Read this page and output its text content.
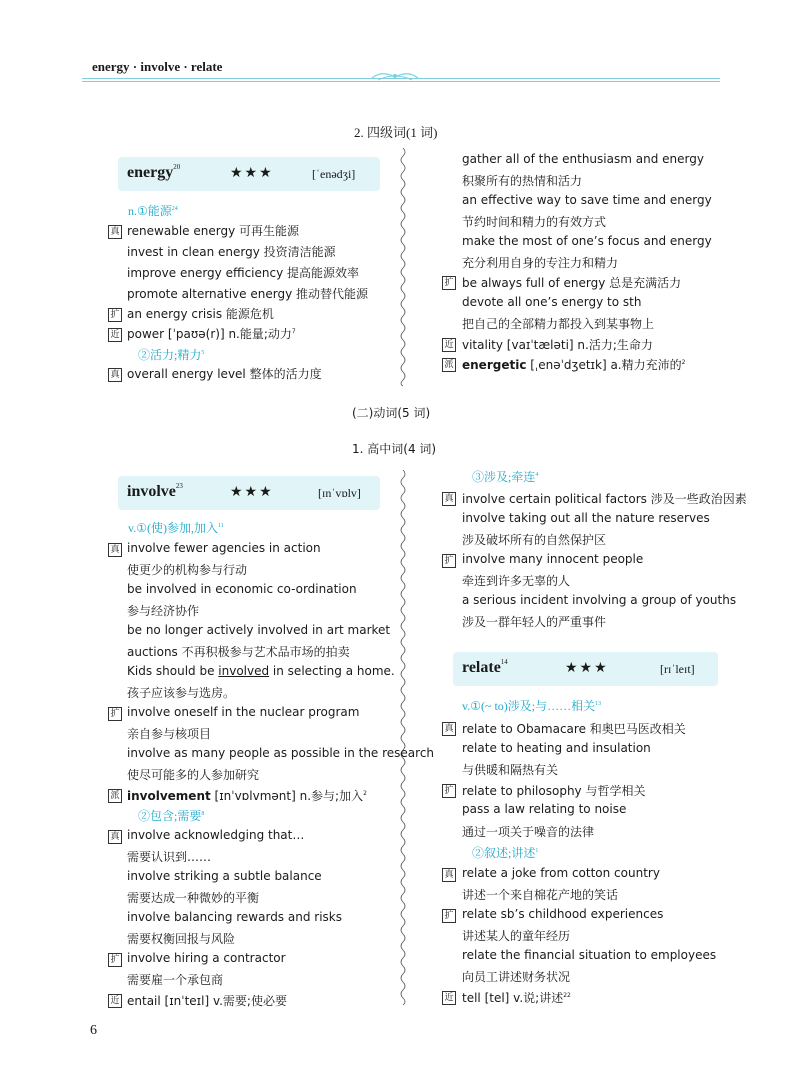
energy · involve · relate
2. 四级词(1 词)
energy$^{20}$	★★★	[ˈenədʒi]
n.①能源$^{24}$
真 renewable energy 可再生能源
invest in clean energy 投资清洁能源
improve energy efficiency 提高能源效率
promote alternative energy 推动替代能源
扩 an energy crisis 能源危机
近 power [ˈpaʊə(r)] n.能量;动力$^7$
②活力;精力$^5$
真 overall energy level 整体的活力度
gather all of the enthusiasm and energy
积聚所有的热情和活力
an effective way to save time and energy
节约时间和精力的有效方式
make the most of one’s focus and energy
充分利用自身的专注力和精力
扩 be always full of energy 总是充满活力
devote all one’s energy to sth
把自己的全部精力都投入到某事物上
近 vitality [vaɪˈtæləti] n.活力;生命力
派 energetic [ˌenəˈdʒetɪk] a.精力充沛的$^2$
(二)动词(5 词)
1. 高中词(4 词)
involve$^{23}$	★★★	[ɪnˈvɒlv]
v.①(使)参加,加入$^{11}$
真 involve fewer agencies in action
使更少的机构参与行动
be involved in economic co-ordination
参与经济协作
be no longer actively involved in art market
auctions 不再积极参与艺术品市场的拍卖
Kids should be involved in selecting a home.
孩子应该参与选房。
扩 involve oneself in the nuclear program
亲自参与核项目
involve as many people as possible in the research
使尽可能多的人参加研究
派 involvement [ɪnˈvɒlvmənt] n.参与;加入$^2$
②包含;需要$^8$
真 involve acknowledging that…
需要认识到……
involve striking a subtle balance
需要达成一种微妙的平衡
involve balancing rewards and risks
需要权衡回报与风险
扩 involve hiring a contractor
需要雇一个承包商
近 entail [ɪnˈteɪl] v.需要;使必要
③涉及;牵连$^4$
真 involve certain political factors 涉及一些政治因素
involve taking out all the nature reserves
涉及破坏所有的自然保护区
扩 involve many innocent people
牵连到许多无辜的人
a serious incident involving a group of youths
涉及一群年轻人的严重事件
relate$^{14}$	★★★	[rɪˈleɪt]
v.①(~ to)涉及;与……相关$^{13}$
真 relate to Obamacare 和奥巴马医改相关
relate to heating and insulation
与供暖和隔热有关
扩 relate to philosophy 与哲学相关
pass a law relating to noise
通过一项关于噪音的法律
②叙述;讲述$^1$
真 relate a joke from cotton country
讲述一个来自棉花产地的笑话
扩 relate sb’s childhood experiences
讲述某人的童年经历
relate the financial situation to employees
向员工讲述财务状况
近 tell [tel] v.说;讲述$^{22}$
6
